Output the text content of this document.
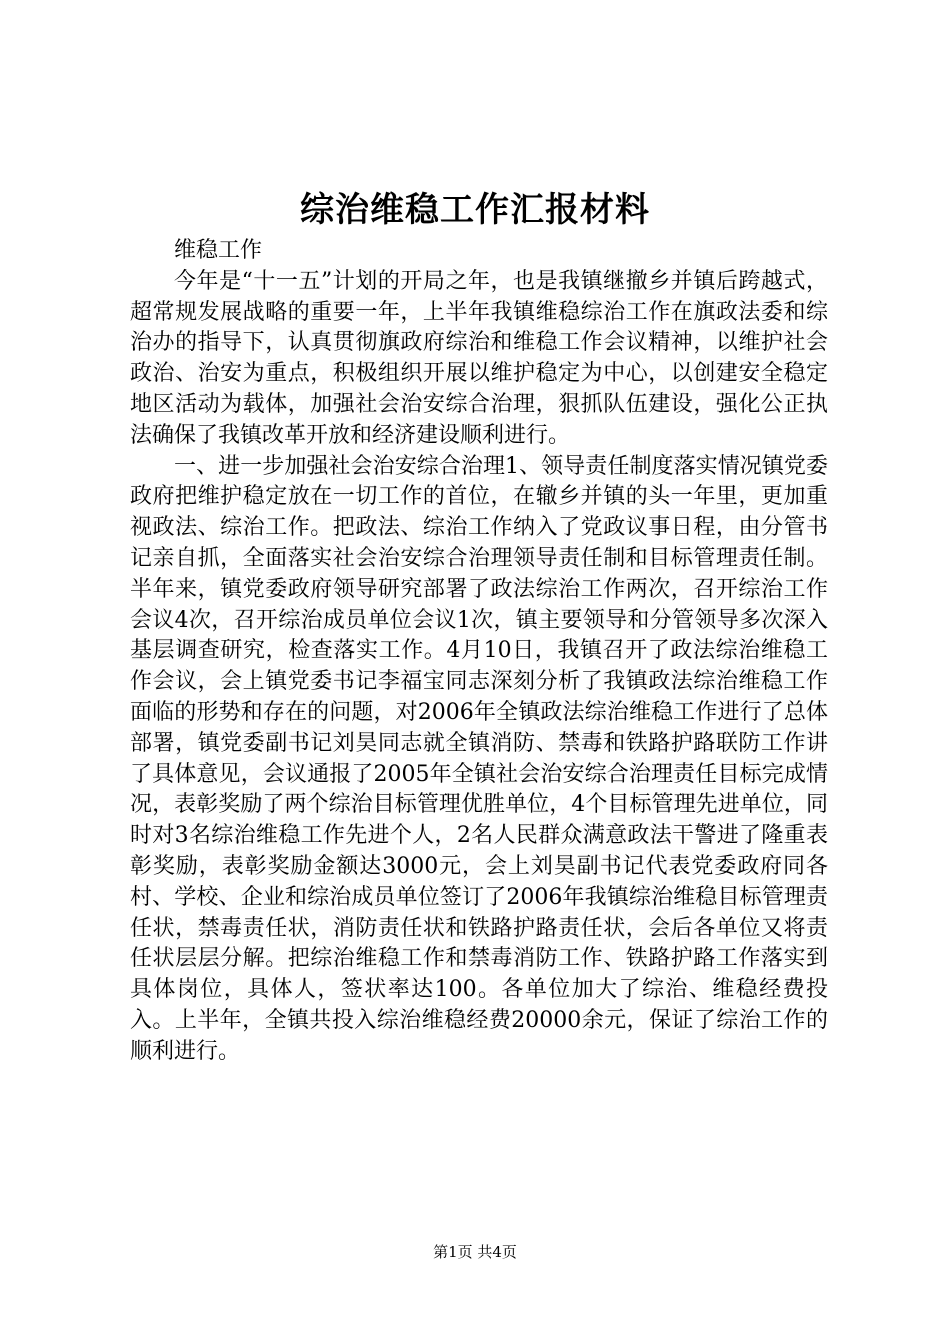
综治维稳工作汇报材料

维稳工作

今年是“十一五”计划的开局之年，也是我镇继撤乡并镇后跨越式，超常规发展战略的重要一年，上半年我镇维稳综治工作在旗政法委和综治办的指导下，认真贯彻旗政府综治和维稳工作会议精神，以维护社会政治、治安为重点，积极组织开展以维护稳定为中心，以创建安全稳定地区活动为载体，加强社会治安综合治理，狠抓队伍建设，强化公正执法确保了我镇改革开放和经济建设顺利进行。

一、进一步加强社会治安综合治理1、领导责任制度落实情况镇党委政府把维护稳定放在一切工作的首位，在辙乡并镇的头一年里，更加重视政法、综治工作。把政法、综治工作纳入了党政议事日程，由分管书记亲自抓，全面落实社会治安综合治理领导责任制和目标管理责任制。半年来，镇党委政府领导研究部署了政法综治工作两次，召开综治工作会议4次，召开综治成员单位会议1次，镇主要领导和分管领导多次深入基层调查研究，检查落实工作。4月10日，我镇召开了政法综治维稳工作会议，会上镇党委书记李福宝同志深刻分析了我镇政法综治维稳工作面临的形势和存在的问题，对2006年全镇政法综治维稳工作进行了总体部署，镇党委副书记刘昊同志就全镇消防、禁毒和铁路护路联防工作讲了具体意见，会议通报了2005年全镇社会治安综合治理责任目标完成情况，表彰奖励了两个综治目标管理优胜单位，4个目标管理先进单位，同时对3名综治维稳工作先进个人，2名人民群众满意政法干警进了隆重表彰奖励，表彰奖励金额达3000元，会上刘昊副书记代表党委政府同各村、学校、企业和综治成员单位签订了2006年我镇综治维稳目标管理责任状，禁毒责任状，消防责任状和铁路护路责任状，会后各单位又将责任状层层分解。把综治维稳工作和禁毒消防工作、铁路护路工作落实到具体岗位，具体人，签状率达100。各单位加大了综治、维稳经费投入。上半年，全镇共投入综治维稳经费20000余元，保证了综治工作的顺利进行。

第1页 共4页
